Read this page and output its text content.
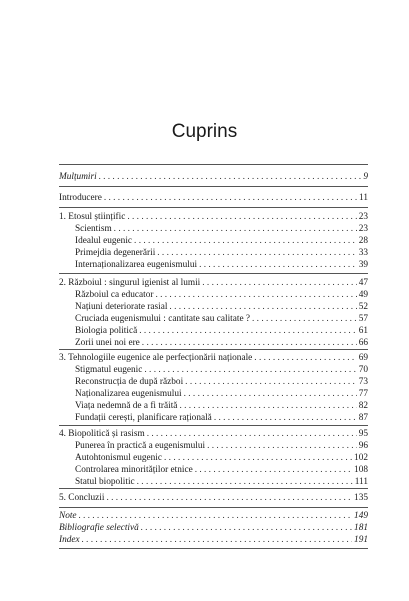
Cuprins
Mulțumiri . . .	9
Introducere . . .	11
1. Etosul științific . . .	23
Scientism . . .	23
Idealul eugenic . . .	28
Primejdia degenerării . . .	33
Internaționalizarea eugenismului . . .	39
2. Războiul : singurul igienist al lumii . . .	47
Războiul ca educator . . .	49
Națiuni deteriorate rasial . . .	52
Cruciada eugenismului : cantitate sau calitate ? . . .	57
Biologia politică . . .	61
Zorii unei noi ere . . .	66
3. Tehnologiile eugenice ale perfecționării naționale . . .	69
Stigmatul eugenic . . .	70
Reconstrucția de după război . . .	73
Naționalizarea eugenismului . . .	77
Viața nedemnă de a fi trăită . . .	82
Fundații cerești, planificare rațională . . .	87
4. Biopolitică și rasism . . .	95
Punerea în practică a eugenismului . . .	96
Autohtonismul eugenic . . .	102
Controlarea minorităților etnice . . .	108
Statul biopolitic . . .	111
5. Concluzii . . .	135
Note . . .	149
Bibliografie selectivă . . .	181
Index . . .	191
